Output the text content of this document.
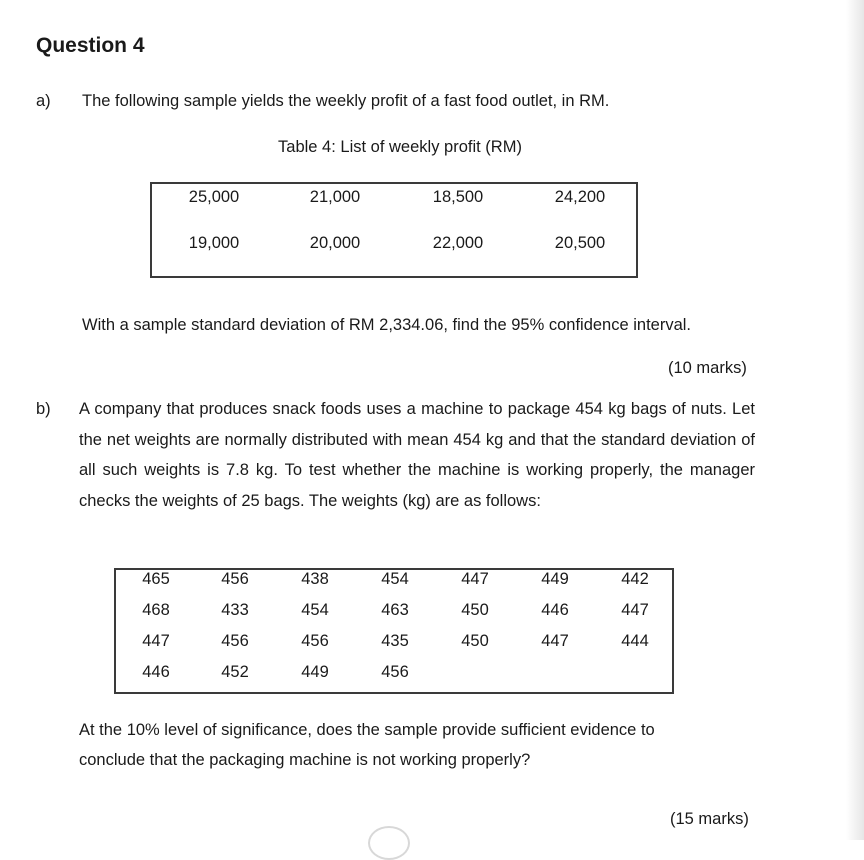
Question 4
a) The following sample yields the weekly profit of a fast food outlet, in RM.
Table 4: List of weekly profit (RM)
25,000	21,000	18,500	24,200
19,000	20,000	22,000	20,500
With a sample standard deviation of RM 2,334.06, find the 95% confidence interval.
(10 marks)
b) A company that produces snack foods uses a machine to package 454 kg bags of nuts. Let the net weights are normally distributed with mean 454 kg and that the standard deviation of all such weights is 7.8 kg. To test whether the machine is working properly, the manager checks the weights of 25 bags. The weights (kg) are as follows:
465	456	438	454	447	449	442
468	433	454	463	450	446	447
447	456	456	435	450	447	444
446	452	449	456
At the 10% level of significance, does the sample provide sufficient evidence to conclude that the packaging machine is not working properly?
(15 marks)
